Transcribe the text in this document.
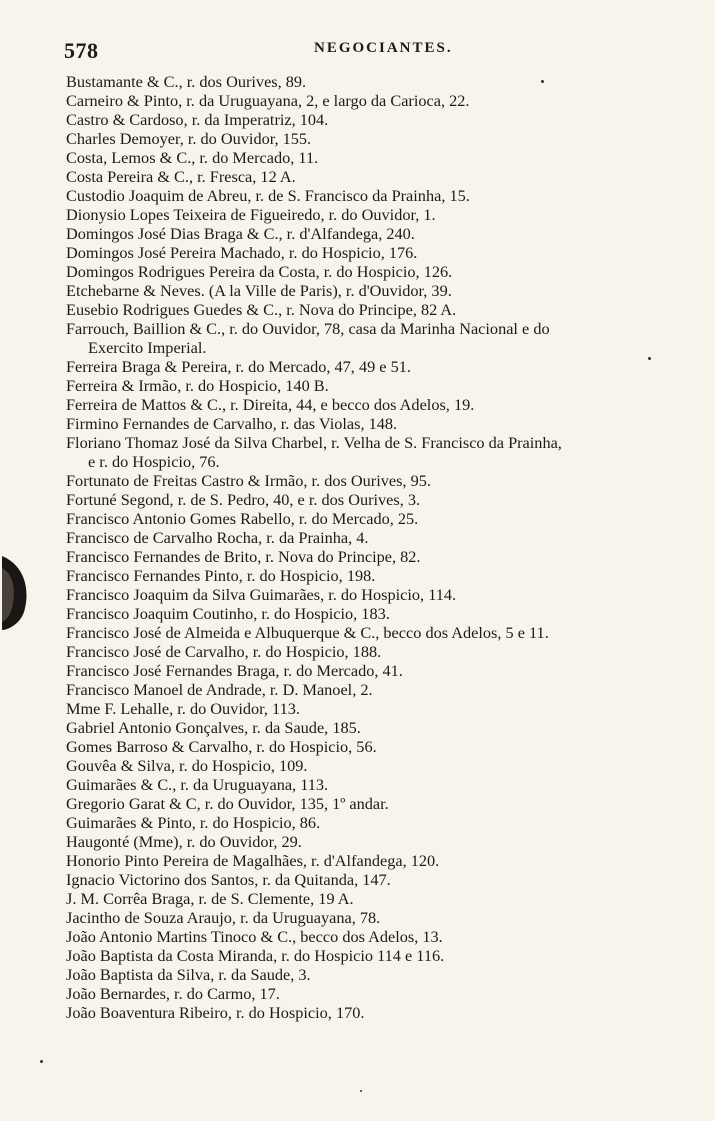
578	NEGOCIANTES.
Bustamante & C., r. dos Ourives, 89.
Carneiro & Pinto, r. da Uruguayana, 2, e largo da Carioca, 22.
Castro & Cardoso, r. da Imperatriz, 104.
Charles Demoyer, r. do Ouvidor, 155.
Costa, Lemos & C., r. do Mercado, 11.
Costa Pereira & C., r. Fresca, 12 A.
Custodio Joaquim de Abreu, r. de S. Francisco da Prainha, 15.
Dionysio Lopes Teixeira de Figueiredo, r. do Ouvidor, 1.
Domingos José Dias Braga & C., r. d'Alfandega, 240.
Domingos José Pereira Machado, r. do Hospicio, 176.
Domingos Rodrigues Pereira da Costa, r. do Hospicio, 126.
Etchebarne & Neves. (A la Ville de Paris), r. d'Ouvidor, 39.
Eusebio Rodrigues Guedes & C., r. Nova do Principe, 82 A.
Farrouch, Baillion & C., r. do Ouvidor, 78, casa da Marinha Nacional e do
Exercito Imperial.
Ferreira Braga & Pereira, r. do Mercado, 47, 49 e 51.
Ferreira & Irmão, r. do Hospicio, 140 B.
Ferreira de Mattos & C., r. Direita, 44, e becco dos Adelos, 19.
Firmino Fernandes de Carvalho, r. das Violas, 148.
Floriano Thomaz José da Silva Charbel, r. Velha de S. Francisco da Prainha,
e r. do Hospicio, 76.
Fortunato de Freitas Castro & Irmão, r. dos Ourives, 95.
Fortuné Segond, r. de S. Pedro, 40, e r. dos Ourives, 3.
Francisco Antonio Gomes Rabello, r. do Mercado, 25.
Francisco de Carvalho Rocha, r. da Prainha, 4.
Francisco Fernandes de Brito, r. Nova do Principe, 82.
Francisco Fernandes Pinto, r. do Hospicio, 198.
Francisco Joaquim da Silva Guimarães, r. do Hospicio, 114.
Francisco Joaquim Coutinho, r. do Hospicio, 183.
Francisco José de Almeida e Albuquerque & C., becco dos Adelos, 5 e 11.
Francisco José de Carvalho, r. do Hospicio, 188.
Francisco José Fernandes Braga, r. do Mercado, 41.
Francisco Manoel de Andrade, r. D. Manoel, 2.
Mme F. Lehalle, r. do Ouvidor, 113.
Gabriel Antonio Gonçalves, r. da Saude, 185.
Gomes Barroso & Carvalho, r. do Hospicio, 56.
Gouvêa & Silva, r. do Hospicio, 109.
Guimarães & C., r. da Uruguayana, 113.
Gregorio Garat & C, r. do Ouvidor, 135, 1º andar.
Guimarães & Pinto, r. do Hospicio, 86.
Haugonté (Mme), r. do Ouvidor, 29.
Honorio Pinto Pereira de Magalhães, r. d'Alfandega, 120.
Ignacio Victorino dos Santos, r. da Quitanda, 147.
J. M. Corrêa Braga, r. de S. Clemente, 19 A.
Jacintho de Souza Araujo, r. da Uruguayana, 78.
João Antonio Martins Tinoco & C., becco dos Adelos, 13.
João Baptista da Costa Miranda, r. do Hospicio 114 e 116.
João Baptista da Silva, r. da Saude, 3.
João Bernardes, r. do Carmo, 17.
João Boaventura Ribeiro, r. do Hospicio, 170.
